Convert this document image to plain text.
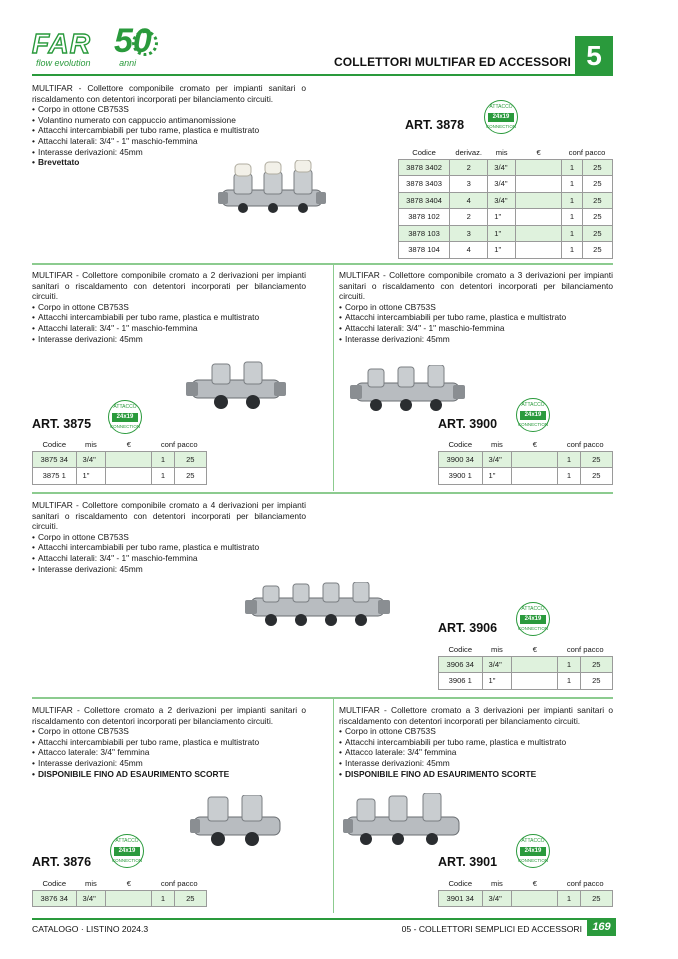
FAR 50
flow evolution	anni	COLLETTORI MULTIFAR ED ACCESSORI 5

MULTIFAR - Collettore componibile cromato per impianti sanitari o riscaldamento con detentori incorporati per bilanciamento circuiti.

• Corpo in ottone CB753S
• Volantino numerato con cappuccio antimanomissione
• Attacchi intercambiabili per tubo rame, plastica e multistrato
• Attacchi laterali: 3/4" - 1" maschio-femmina
• Interasse derivazioni: 45mm
• Brevettato
ART. 3878
ATTACCO
24x19
CONNECTION
Codice	derivaz.	mis	€	conf pacco	
3878 3402	2	3/4"		1	25
3878 3403	3	3/4"		1	25
3878 3404	4	3/4"		1	25
3878 102	2	1"		1	25
3878 103	3	1"		1	25
3878 104	4	1"		1	25

MULTIFAR - Collettore componibile cromato a 2 derivazioni per impianti sanitari o riscaldamento con detentori incorporati per bilanciamento circuiti.

• Corpo in ottone CB753S
• Attacchi intercambiabili per tubo rame, plastica e multistrato
• Attacchi laterali: 3/4" - 1" maschio-femmina
• Interasse derivazioni: 45mm
ART. 3875
ATTACCO
24x19
CONNECTION
Codice	mis	€	conf pacco	
3875 34	3/4"		1	25
3875 1	1"		1	25

MULTIFAR - Collettore componibile cromato a 3 derivazioni per impianti sanitari o riscaldamento con detentori incorporati per bilanciamento circuiti.

• Corpo in ottone CB753S
• Attacchi intercambiabili per tubo rame, plastica e multistrato
• Attacchi laterali: 3/4" - 1" maschio-femmina
• Interasse derivazioni: 45mm
ART. 3900
ATTACCO
24x19
CONNECTION
Codice	mis	€	conf pacco	
3900 34	3/4"		1	25
3900 1	1"		1	25

MULTIFAR - Collettore componibile cromato a 4 derivazioni per impianti sanitari o riscaldamento con detentori incorporati per bilanciamento circuiti.

• Corpo in ottone CB753S
• Attacchi intercambiabili per tubo rame, plastica e multistrato
• Attacchi laterali: 3/4" - 1" maschio-femmina
• Interasse derivazioni: 45mm
ART. 3906
ATTACCO
24x19
CONNECTION
Codice	mis	€	conf pacco	
3906 34	3/4"		1	25
3906 1	1"		1	25

MULTIFAR - Collettore cromato a 2 derivazioni per impianti sanitari o riscaldamento con detentori incorporati per bilanciamento circuiti.

• Corpo in ottone CB753S
• Attacchi intercambiabili per tubo rame, plastica e multistrato
• Attacco laterale: 3/4" femmina
• Interasse derivazioni: 45mm
• DISPONIBILE FINO AD ESAURIMENTO SCORTE
ART. 3876
ATTACCO
24x19
CONNECTION
Codice	mis	€	conf pacco	
3876 34	3/4"		1	25

MULTIFAR - Collettore cromato a 3 derivazioni per impianti sanitari o riscaldamento con detentori incorporati per bilanciamento circuiti.

• Corpo in ottone CB753S
• Attacchi intercambiabili per tubo rame, plastica e multistrato
• Attacco laterale: 3/4" femmina
• Interasse derivazioni: 45mm
• DISPONIBILE FINO AD ESAURIMENTO SCORTE
ART. 3901
ATTACCO
24x19
CONNECTION
Codice	mis	€	conf pacco	
3901 34	3/4"		1	25
CATALOGO · LISTINO 2024.3	05 - COLLETTORI SEMPLICI ED ACCESSORI 169
